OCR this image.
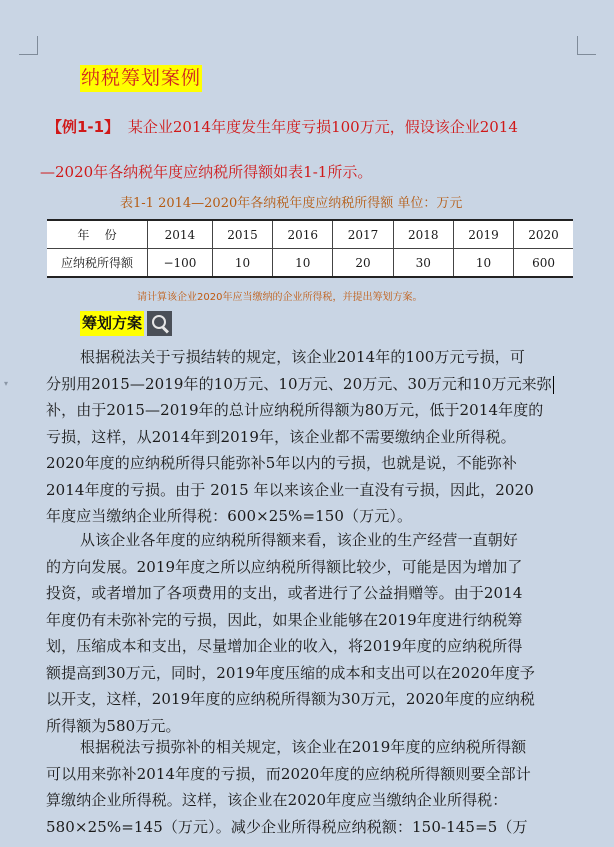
▾
纳税筹划案例
【例1-1】 某企业2014年度发生年度亏损100万元，假设该企业2014
—2020年各纳税年度应纳税所得额如表1-1所示。
表1-1 2014—2020年各纳税年度应纳税所得额 单位：万元
年    份	2014	2015	2016	2017	2018	2019	2020
应纳税所得额	−100	10	10	20	30	10	600
请计算该企业2020年应当缴纳的企业所得税，并提出筹划方案。
筹划方案
根据税法关于亏损结转的规定，该企业2014年的100万元亏损，可
分别用2015—2019年的10万元、10万元、20万元、30万元和10万元来弥
补，由于2015—2019年的总计应纳税所得额为80万元，低于2014年度的
亏损，这样，从2014年到2019年，该企业都不需要缴纳企业所得税。
2020年度的应纳税所得只能弥补5年以内的亏损，也就是说，不能弥补
2014年度的亏损。由于 2015 年以来该企业一直没有亏损，因此，2020
年度应当缴纳企业所得税：600×25%=150（万元）。
从该企业各年度的应纳税所得额来看，该企业的生产经营一直朝好
的方向发展。2019年度之所以应纳税所得额比较少，可能是因为增加了
投资，或者增加了各项费用的支出，或者进行了公益捐赠等。由于2014
年度仍有未弥补完的亏损，因此，如果企业能够在2019年度进行纳税筹
划，压缩成本和支出，尽量增加企业的收入，将2019年度的应纳税所得
额提高到30万元，同时，2019年度压缩的成本和支出可以在2020年度予
以开支，这样，2019年度的应纳税所得额为30万元，2020年度的应纳税
所得额为580万元。
根据税法亏损弥补的相关规定，该企业在2019年度的应纳税所得额
可以用来弥补2014年度的亏损，而2020年度的应纳税所得额则要全部计
算缴纳企业所得税。这样，该企业在2020年度应当缴纳企业所得税：
580×25%=145（万元）。减少企业所得税应纳税额：150-145=5（万
